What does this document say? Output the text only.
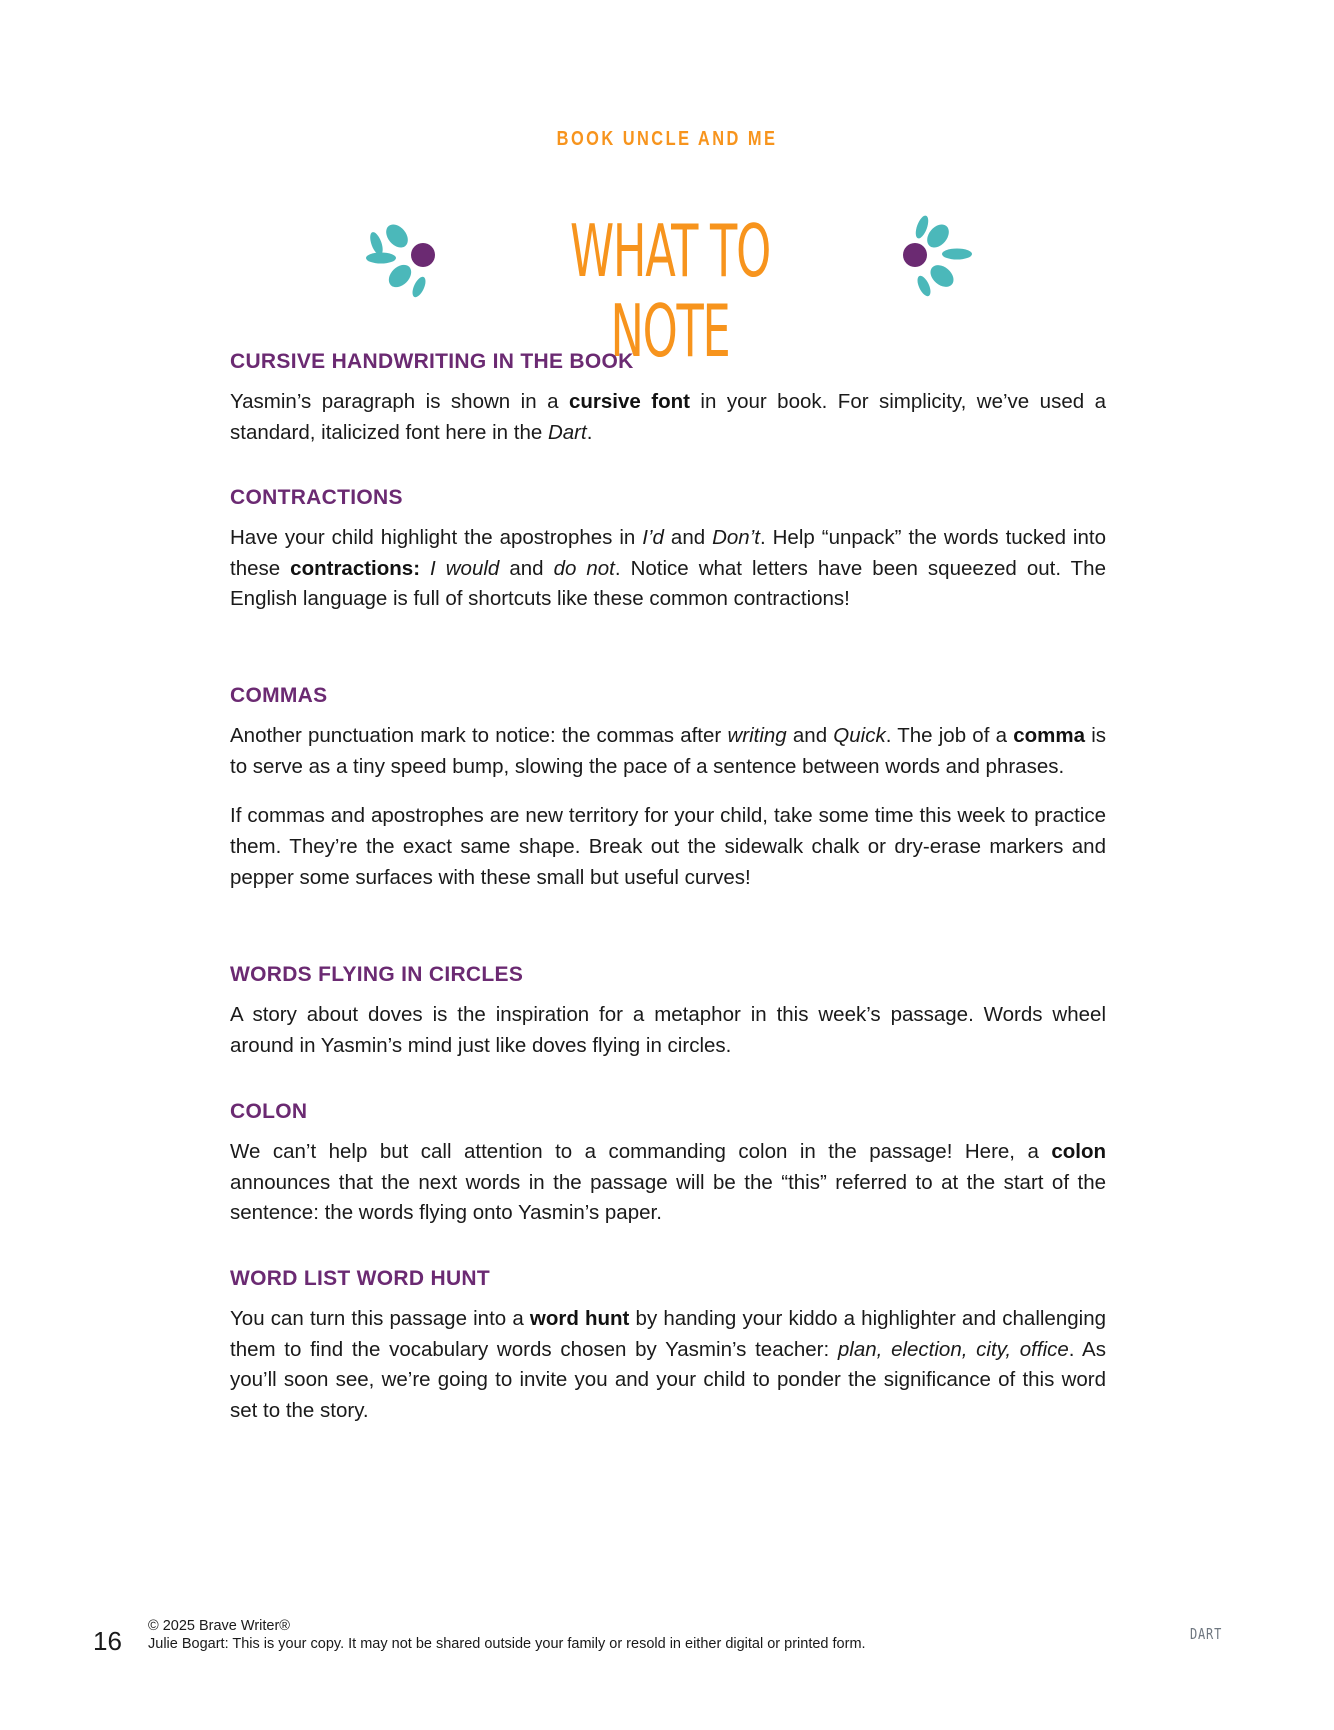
BOOK UNCLE AND ME
WHAT TO NOTE
CURSIVE HANDWRITING IN THE BOOK

Yasmin’s paragraph is shown in a cursive font in your book. For simplicity, we’ve used a standard, italicized font here in the Dart.

CONTRACTIONS

Have your child highlight the apostrophes in I’d and Don’t. Help “unpack” the words tucked into these contractions: I would and do not. Notice what letters have been squeezed out. The English language is full of shortcuts like these common contractions!

COMMAS

Another punctuation mark to notice: the commas after writing and Quick. The job of a comma is to serve as a tiny speed bump, slowing the pace of a sentence between words and phrases.

If commas and apostrophes are new territory for your child, take some time this week to practice them. They’re the exact same shape. Break out the sidewalk chalk or dry-erase markers and pepper some surfaces with these small but useful curves!

WORDS FLYING IN CIRCLES

A story about doves is the inspiration for a metaphor in this week’s passage. Words wheel around in Yasmin’s mind just like doves flying in circles.

COLON

We can’t help but call attention to a commanding colon in the passage! Here, a colon announces that the next words in the passage will be the “this” referred to at the start of the sentence: the words flying onto Yasmin’s paper.

WORD LIST WORD HUNT

You can turn this passage into a word hunt by handing your kiddo a highlighter and challenging them to find the vocabulary words chosen by Yasmin’s teacher: plan, election, city, office. As you’ll soon see, we’re going to invite you and your child to ponder the significance of this word set to the story.

16 © 2025 Brave Writer®
Julie Bogart: This is your copy. It may not be shared outside your family or resold in either digital or printed form.
DART
